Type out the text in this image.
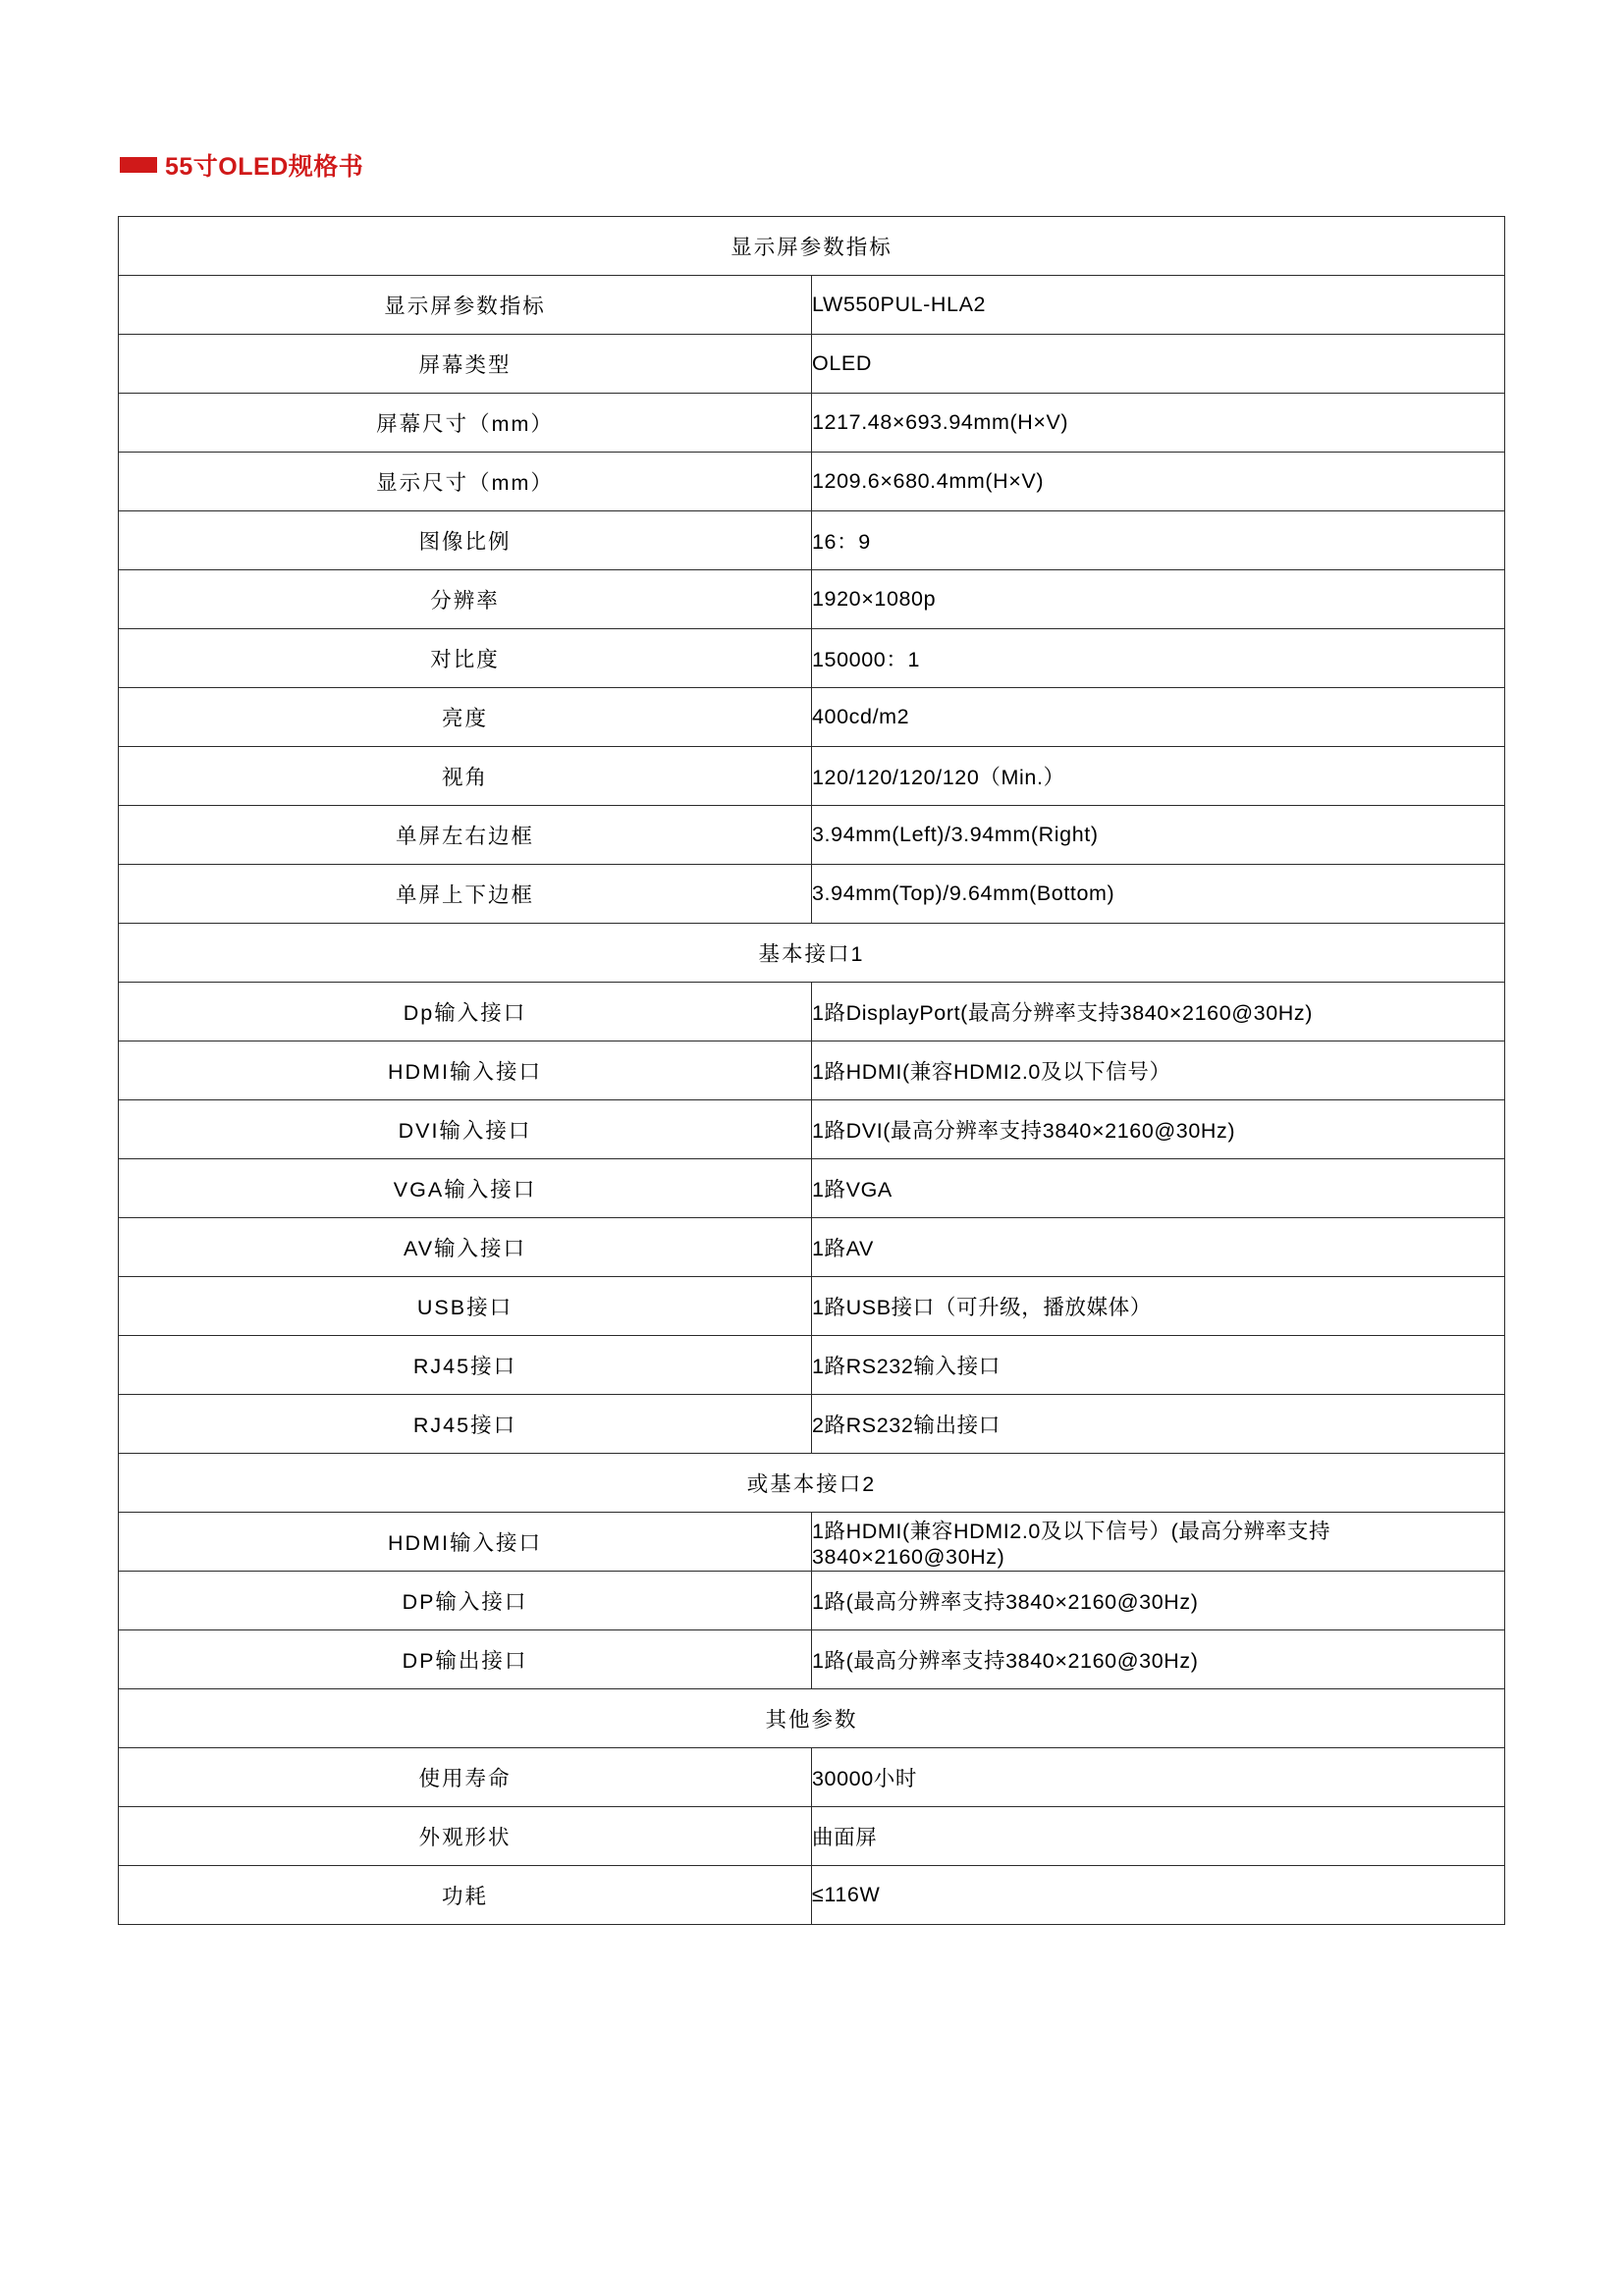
55寸OLED规格书
显示屏参数指标	
显示屏参数指标	LW550PUL-HLA2
屏幕类型	OLED
屏幕尺寸（mm）	1217.48×693.94mm(H×V)
显示尺寸（mm）	1209.6×680.4mm(H×V)
图像比例	16：9
分辨率	1920×1080p
对比度	150000：1
亮度	400cd/m2
视角	120/120/120/120（Min.）
单屏左右边框	3.94mm(Left)/3.94mm(Right)
单屏上下边框	3.94mm(Top)/9.64mm(Bottom)
基本接口1	
Dp输入接口	1路DisplayPort(最高分辨率支持3840×2160@30Hz)
HDMI输入接口	1路HDMI(兼容HDMI2.0及以下信号）
DVI输入接口	1路DVI(最高分辨率支持3840×2160@30Hz)
VGA输入接口	1路VGA
AV输入接口	1路AV
USB接口	1路USB接口（可升级，播放媒体）
RJ45接口	1路RS232输入接口
RJ45接口	2路RS232输出接口
或基本接口2	
HDMI输入接口	1路HDMI(兼容HDMI2.0及以下信号）(最高分辨率支持3840×2160@30Hz)
DP输入接口	1路(最高分辨率支持3840×2160@30Hz)
DP输出接口	1路(最高分辨率支持3840×2160@30Hz)
其他参数	
使用寿命	30000小时
外观形状	曲面屏
功耗	≤116W
